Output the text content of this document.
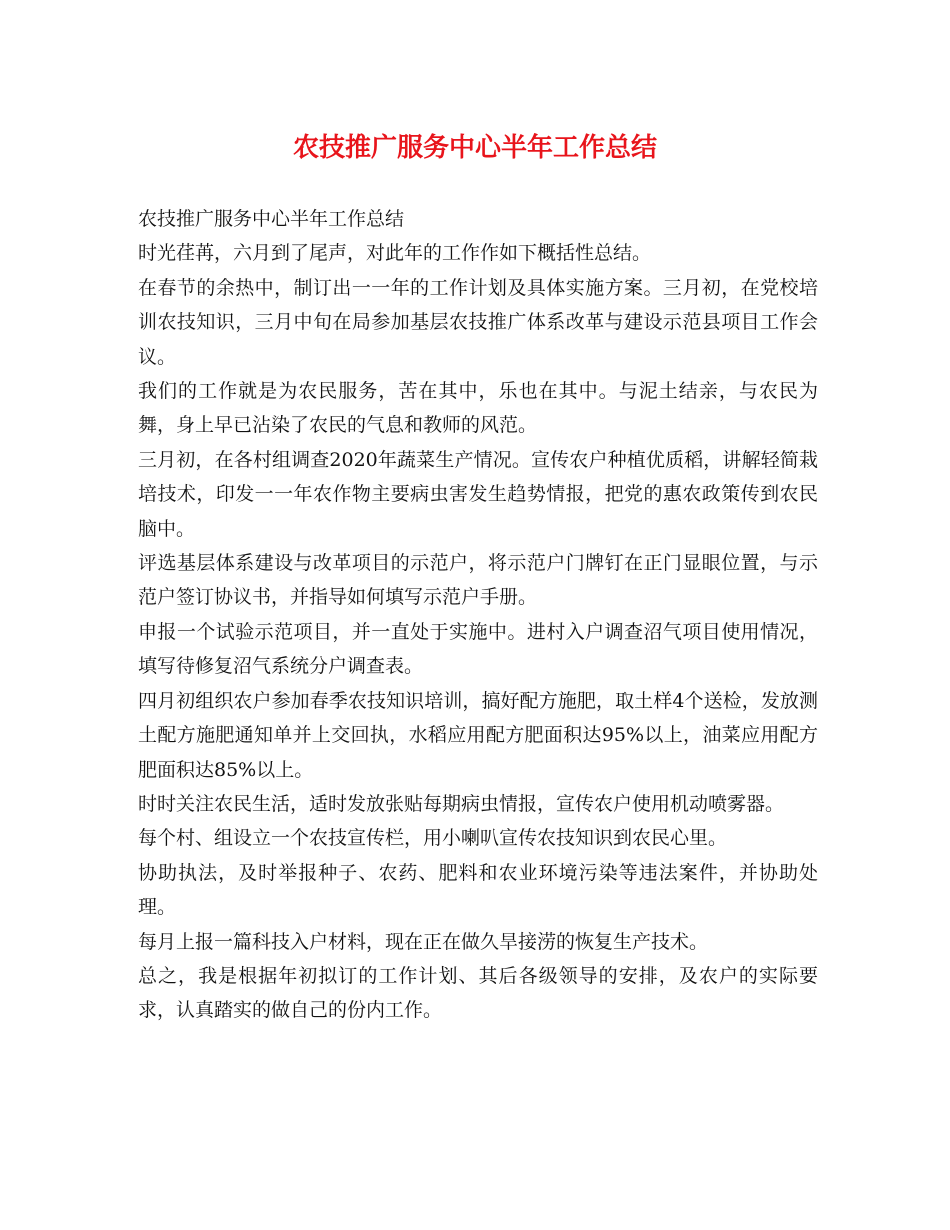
农技推广服务中心半年工作总结

农技推广服务中心半年工作总结

时光荏苒，六月到了尾声，对此年的工作作如下概括性总结。

在春节的余热中，制订出一一年的工作计划及具体实施方案。三月初，在党校培训农技知识，三月中旬在局参加基层农技推广体系改革与建设示范县项目工作会议。

我们的工作就是为农民服务，苦在其中，乐也在其中。与泥土结亲，与农民为舞，身上早已沾染了农民的气息和教师的风范。

三月初，在各村组调查2020年蔬菜生产情况。宣传农户种植优质稻，讲解轻简栽培技术，印发一一年农作物主要病虫害发生趋势情报，把党的惠农政策传到农民脑中。

评选基层体系建设与改革项目的示范户，将示范户门牌钉在正门显眼位置，与示范户签订协议书，并指导如何填写示范户手册。

申报一个试验示范项目，并一直处于实施中。进村入户调查沼气项目使用情况，填写待修复沼气系统分户调查表。

四月初组织农户参加春季农技知识培训，搞好配方施肥，取土样4个送检，发放测土配方施肥通知单并上交回执，水稻应用配方肥面积达95%以上，油菜应用配方肥面积达85%以上。

时时关注农民生活，适时发放张贴每期病虫情报，宣传农户使用机动喷雾器。

每个村、组设立一个农技宣传栏，用小喇叭宣传农技知识到农民心里。

协助执法，及时举报种子、农药、肥料和农业环境污染等违法案件，并协助处理。

每月上报一篇科技入户材料，现在正在做久旱接涝的恢复生产技术。

总之，我是根据年初拟订的工作计划、其后各级领导的安排，及农户的实际要求，认真踏实的做自己的份内工作。
